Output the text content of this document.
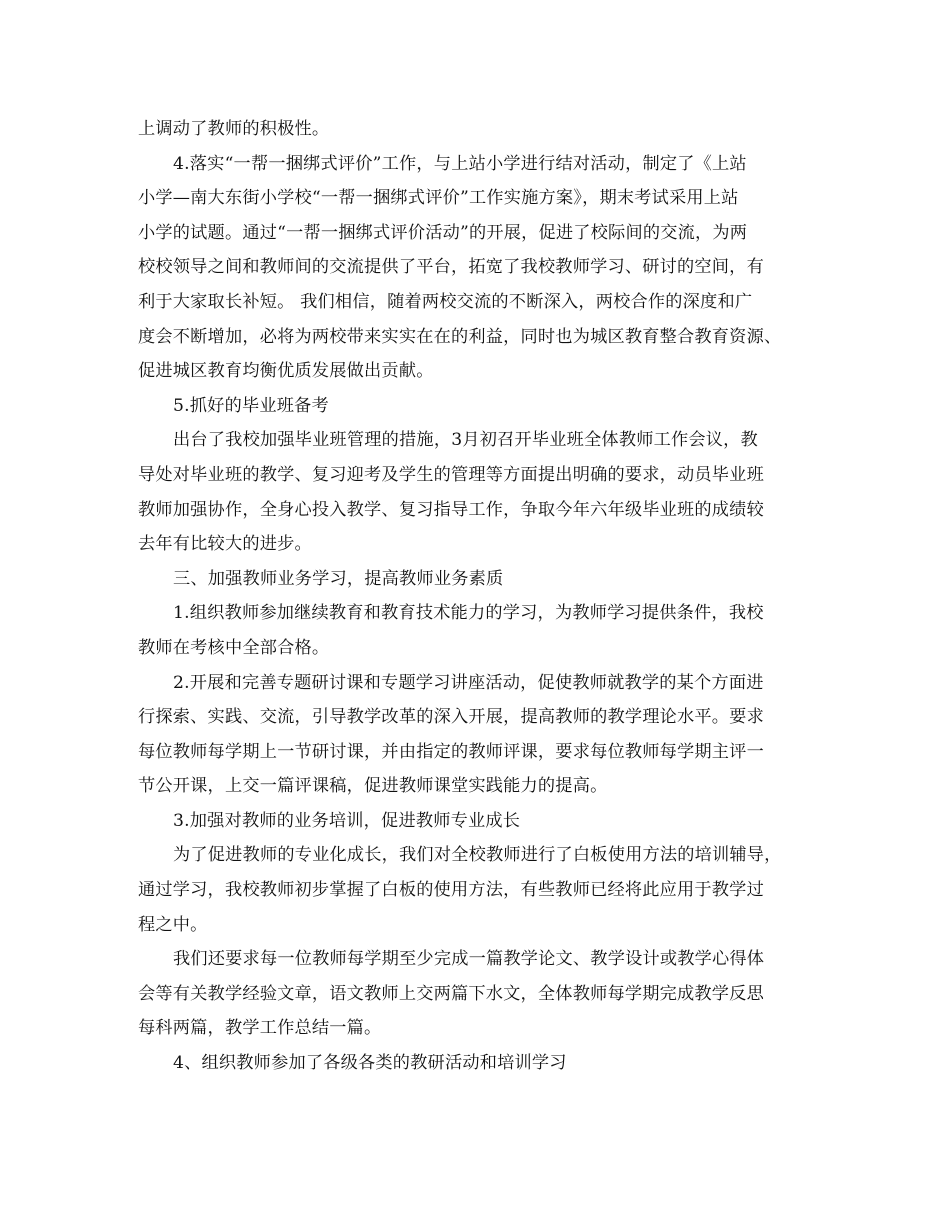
上调动了教师的积极性。
4.落实“一帮一捆绑式评价”工作，与上站小学进行结对活动，制定了《上站
小学—南大东街小学校“一帮一捆绑式评价”工作实施方案》，期末考试采用上站
小学的试题。通过“一帮一捆绑式评价活动”的开展，促进了校际间的交流，为两
校校领导之间和教师间的交流提供了平台，拓宽了我校教师学习、研讨的空间，有
利于大家取长补短。 我们相信，随着两校交流的不断深入，两校合作的深度和广
度会不断增加，必将为两校带来实实在在的利益，同时也为城区教育整合教育资源、
促进城区教育均衡优质发展做出贡献。
5.抓好的毕业班备考
出台了我校加强毕业班管理的措施，3月初召开毕业班全体教师工作会议，教
导处对毕业班的教学、复习迎考及学生的管理等方面提出明确的要求，动员毕业班
教师加强协作，全身心投入教学、复习指导工作，争取今年六年级毕业班的成绩较
去年有比较大的进步。
三、加强教师业务学习，提高教师业务素质
1.组织教师参加继续教育和教育技术能力的学习，为教师学习提供条件，我校
教师在考核中全部合格。
2.开展和完善专题研讨课和专题学习讲座活动，促使教师就教学的某个方面进
行探索、实践、交流，引导教学改革的深入开展，提高教师的教学理论水平。要求
每位教师每学期上一节研讨课，并由指定的教师评课，要求每位教师每学期主评一
节公开课，上交一篇评课稿，促进教师课堂实践能力的提高。
3.加强对教师的业务培训，促进教师专业成长
为了促进教师的专业化成长，我们对全校教师进行了白板使用方法的培训辅导，
通过学习，我校教师初步掌握了白板的使用方法，有些教师已经将此应用于教学过
程之中。
我们还要求每一位教师每学期至少完成一篇教学论文、教学设计或教学心得体
会等有关教学经验文章，语文教师上交两篇下水文，全体教师每学期完成教学反思
每科两篇，教学工作总结一篇。
4、组织教师参加了各级各类的教研活动和培训学习
